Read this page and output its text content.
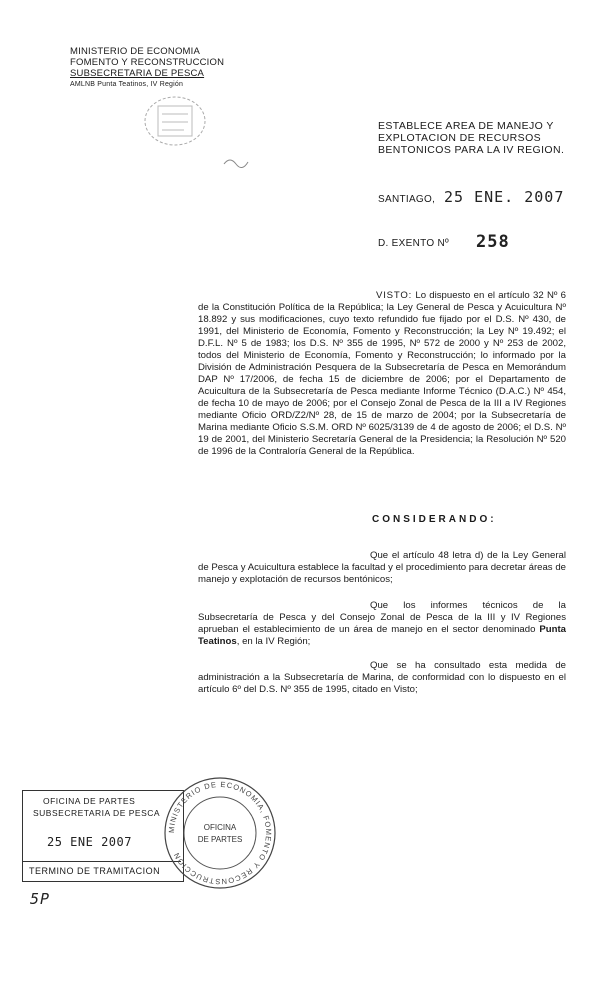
MINISTERIO DE ECONOMIA
FOMENTO Y RECONSTRUCCION
SUBSECRETARIA DE PESCA
AMLNB Punta Teatinos, IV Región
ESTABLECE AREA DE MANEJO Y
EXPLOTACION DE RECURSOS
BENTONICOS PARA LA IV REGION.
SANTIAGO, 25 ENE. 2007
D. EXENTO Nº 258
VISTO: Lo dispuesto en el artículo 32 Nº 6 de la Constitución Política de la República; la Ley General de Pesca y Acuicultura Nº 18.892 y sus modificaciones, cuyo texto refundido fue fijado por el D.S. Nº 430, de 1991, del Ministerio de Economía, Fomento y Reconstrucción; la Ley Nº 19.492; el D.F.L. Nº 5 de 1983; los D.S. Nº 355 de 1995, Nº 572 de 2000 y Nº 253 de 2002, todos del Ministerio de Economía, Fomento y Reconstrucción; lo informado por la División de Administración Pesquera de la Subsecretaría de Pesca en Memorándum DAP Nº 17/2006, de fecha 15 de diciembre de 2006; por el Departamento de Acuicultura de la Subsecretaría de Pesca mediante Informe Técnico (D.A.C.) Nº 454, de fecha 10 de mayo de 2006; por el Consejo Zonal de Pesca de la III a IV Regiones mediante Oficio ORD/Z2/Nº 28, de 15 de marzo de 2004; por la Subsecretaría de Marina mediante Oficio S.S.M. ORD Nº 6025/3139 de 4 de agosto de 2006; el D.S. Nº 19 de 2001, del Ministerio Secretaría General de la Presidencia; la Resolución Nº 520 de 1996 de la Contraloría General de la República.
CONSIDERANDO:
Que el artículo 48 letra d) de la Ley General de Pesca y Acuicultura establece la facultad y el procedimiento para decretar áreas de manejo y explotación de recursos bentónicos;
Que los informes técnicos de la Subsecretaría de Pesca y del Consejo Zonal de Pesca de la III y IV Regiones aprueban el establecimiento de un área de manejo en el sector denominado Punta Teatinos, en la IV Región;
Que se ha consultado esta medida de administración a la Subsecretaría de Marina, de conformidad con lo dispuesto en el artículo 6º del D.S. Nº 355 de 1995, citado en Visto;
OFICINA DE PARTES
SUBSECRETARIA DE PESCA
25 ENE 2007
TERMINO DE TRAMITACION
MINISTERIO DE ECONOMIA, FOMENTO Y RECONSTRUCCION
OFICINA
DE PARTES
5P
